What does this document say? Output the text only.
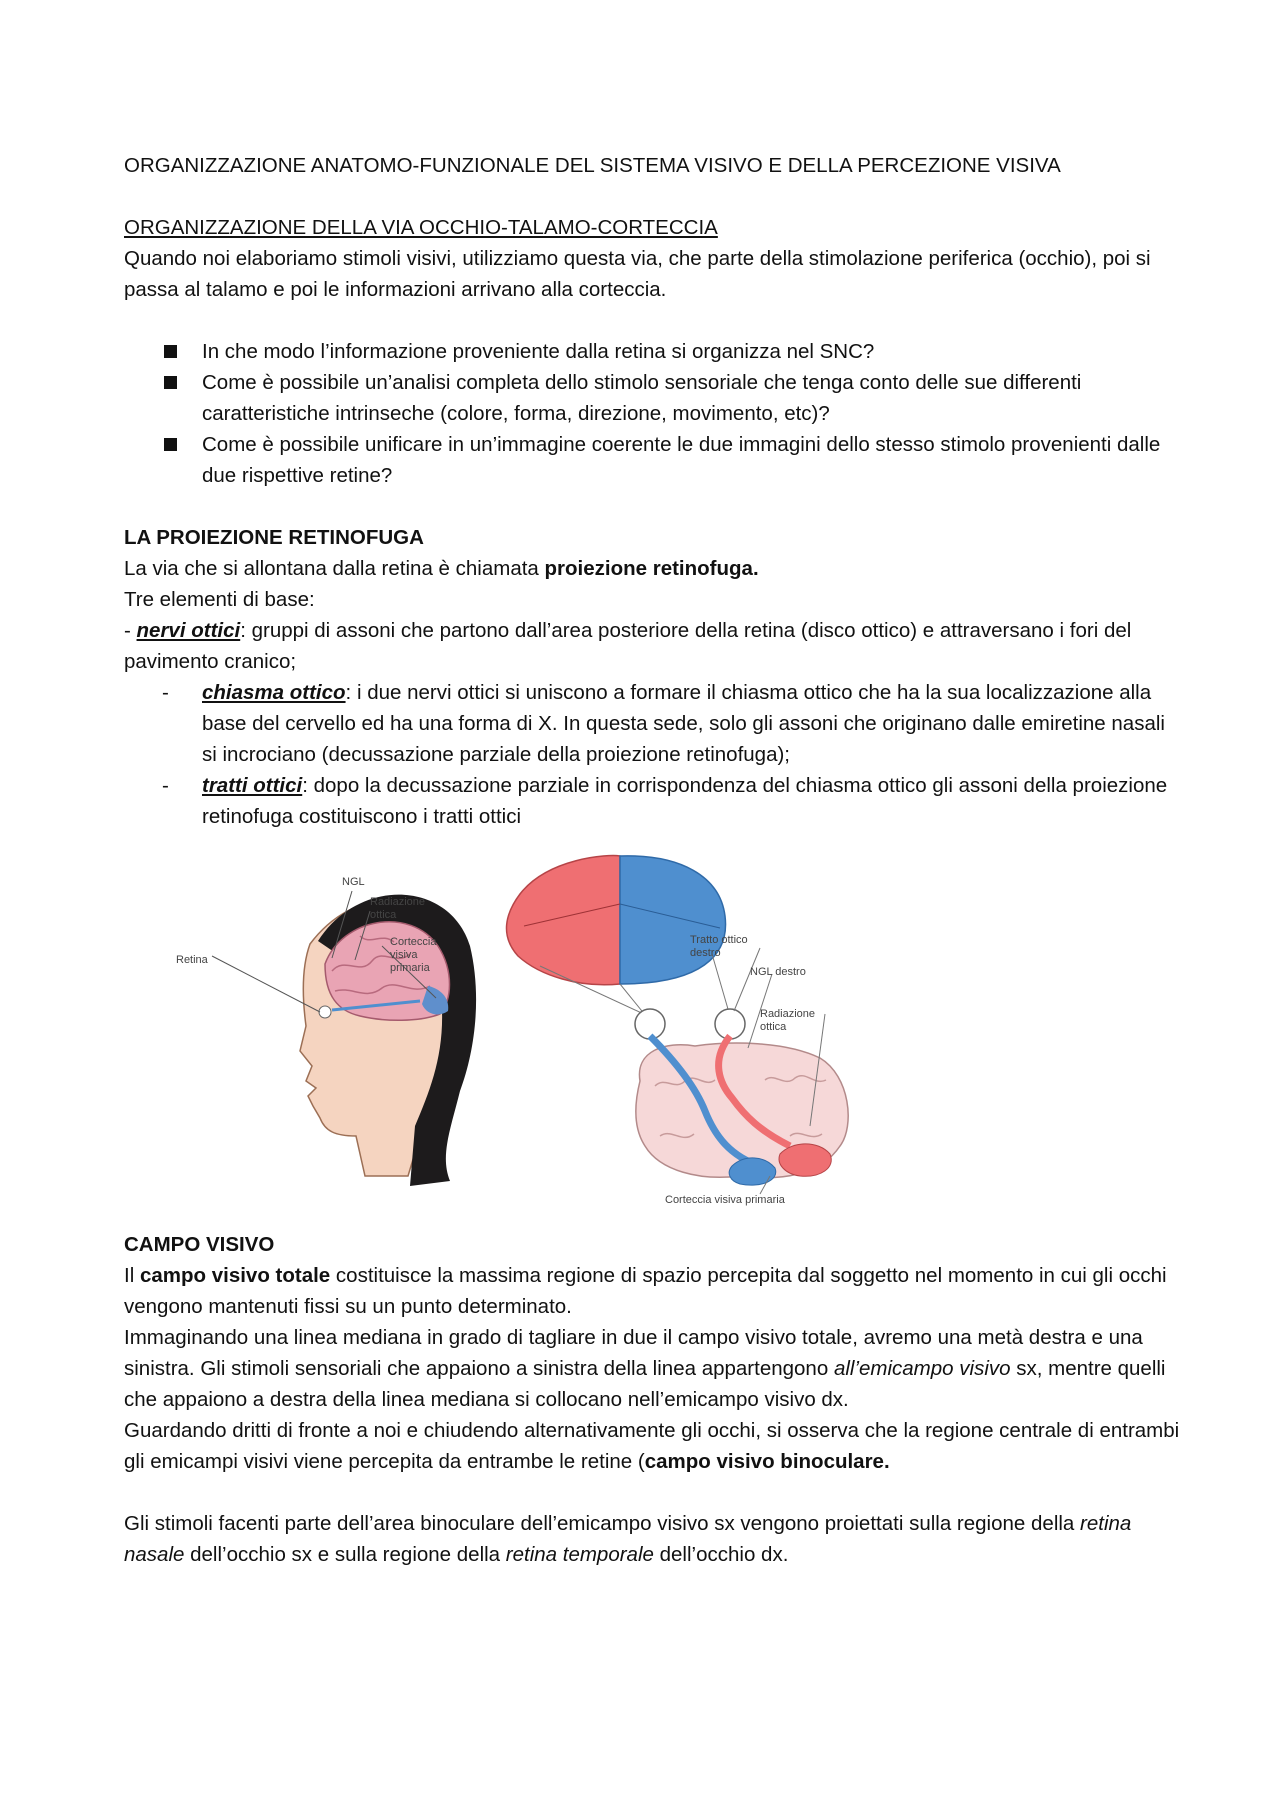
ORGANIZZAZIONE ANATOMO-FUNZIONALE DEL SISTEMA VISIVO E DELLA PERCEZIONE VISIVA

ORGANIZZAZIONE DELLA VIA OCCHIO-TALAMO-CORTECCIA

Quando noi elaboriamo stimoli visivi, utilizziamo questa via, che parte della stimolazione periferica (occhio), poi si passa al talamo e poi le informazioni arrivano alla corteccia.

In che modo l’informazione proveniente dalla retina si organizza nel SNC?
Come è possibile un’analisi completa dello stimolo sensoriale che tenga conto delle sue differenti caratteristiche intrinseche (colore, forma, direzione, movimento, etc)?
Come è possibile unificare in un’immagine coerente le due immagini dello stesso stimolo provenienti dalle due rispettive retine?

LA PROIEZIONE RETINOFUGA

La via che si allontana dalla retina è chiamata proiezione retinofuga.

Tre elementi di base:

- nervi ottici: gruppi di assoni che partono dall’area posteriore della retina (disco ottico) e attraversano i fori del pavimento cranico;

- chiasma ottico: i due nervi ottici si uniscono a formare il chiasma ottico che ha la sua localizzazione alla base del cervello ed ha una forma di X. In questa sede, solo gli assoni che originano dalle emiretine nasali si incrociano (decussazione parziale della proiezione retinofuga);
- tratti ottici: dopo la decussazione parziale in corrispondenza del chiasma ottico gli assoni della proiezione retinofuga costituiscono i tratti ottici
NGL
Radiazione ottica
Retina
Corteccia visiva primaria
Tratto ottico destro
NGL destro
Radiazione ottica
Corteccia visiva primaria

CAMPO VISIVO

Il campo visivo totale costituisce la massima regione di spazio percepita dal soggetto nel momento in cui gli occhi vengono mantenuti fissi su un punto determinato.

Immaginando una linea mediana in grado di tagliare in due il campo visivo totale, avremo una metà destra e una sinistra. Gli stimoli sensoriali che appaiono a sinistra della linea appartengono all’emicampo visivo sx, mentre quelli che appaiono a destra della linea mediana si collocano nell’emicampo visivo dx.

Guardando dritti di fronte a noi e chiudendo alternativamente gli occhi, si osserva che la regione centrale di entrambi gli emicampi visivi viene percepita da entrambe le retine (campo visivo binoculare.

Gli stimoli facenti parte dell’area binoculare dell’emicampo visivo sx vengono proiettati sulla regione della retina nasale dell’occhio sx e sulla regione della retina temporale dell’occhio dx.
